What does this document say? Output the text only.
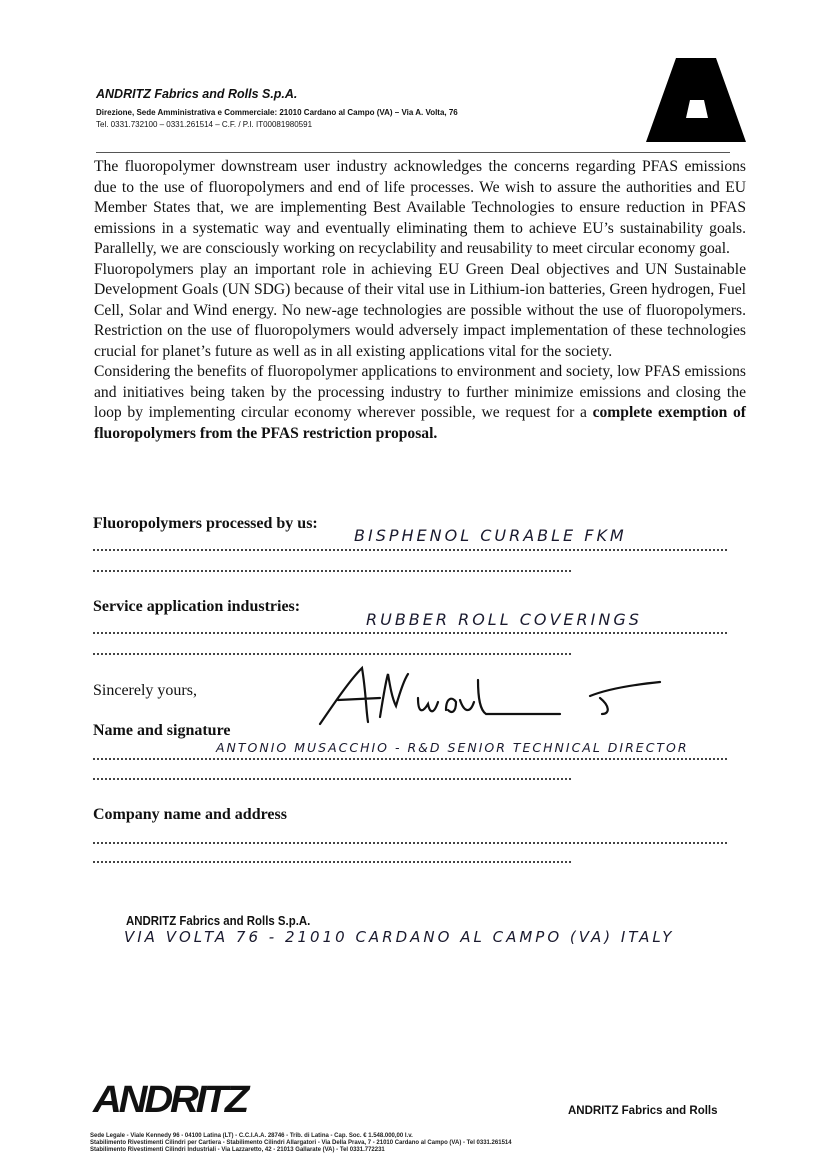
ANDRITZ Fabrics and Rolls S.p.A.
Direzione, Sede Amministrativa e Commerciale: 21010 Cardano al Campo (VA) – Via A. Volta, 76
Tel. 0331.732100 – 0331.261514 – C.F. / P.I. IT00081980591

The fluoropolymer downstream user industry acknowledges the concerns regarding PFAS emissions due to the use of fluoropolymers and end of life processes. We wish to assure the authorities and EU Member States that, we are implementing Best Available Technologies to ensure reduction in PFAS emissions in a systematic way and eventually eliminating them to achieve EU’s sustainability goals. Parallelly, we are consciously working on recyclability and reusability to meet circular economy goal.

Fluoropolymers play an important role in achieving EU Green Deal objectives and UN Sustainable Development Goals (UN SDG) because of their vital use in Lithium-ion batteries, Green hydrogen, Fuel Cell, Solar and Wind energy. No new-age technologies are possible without the use of fluoropolymers. Restriction on the use of fluoropolymers would adversely impact implementation of these technologies crucial for planet’s future as well as in all existing applications vital for the society.

Considering the benefits of fluoropolymer applications to environment and society, low PFAS emissions and initiatives being taken by the processing industry to further minimize emissions and closing the loop by implementing circular economy wherever possible, we request for a complete exemption of fluoropolymers from the PFAS restriction proposal.

Fluoropolymers processed by us:
BISPHENOL CURABLE FKM
Service application industries:
RUBBER ROLL COVERINGS
Sincerely yours,
Name and signature
ANTONIO MUSACCHIO - R&D SENIOR TECHNICAL DIRECTOR
Company name and address
ANDRITZ Fabrics and Rolls S.p.A.
VIA VOLTA 76 - 21010 CARDANO AL CAMPO (VA) ITALY
ANDRITZ	ANDRITZ Fabrics and Rolls
Sede Legale - Viale Kennedy 96 - 04100 Latina (LT) - C.C.I.A.A. 28746 - Trib. di Latina - Cap. Soc. € 1.548.000,00 I.v.
Stabilimento Rivestimenti Cilindri per Cartiera - Stabilimento Cilindri Allargatori - Via Della Prava, 7 - 21010 Cardano al Campo (VA) - Tel 0331.261514
Stabilimento Rivestimenti Cilindri Industriali - Via Lazzaretto, 42 - 21013 Gallarate (VA) - Tel 0331.772231
